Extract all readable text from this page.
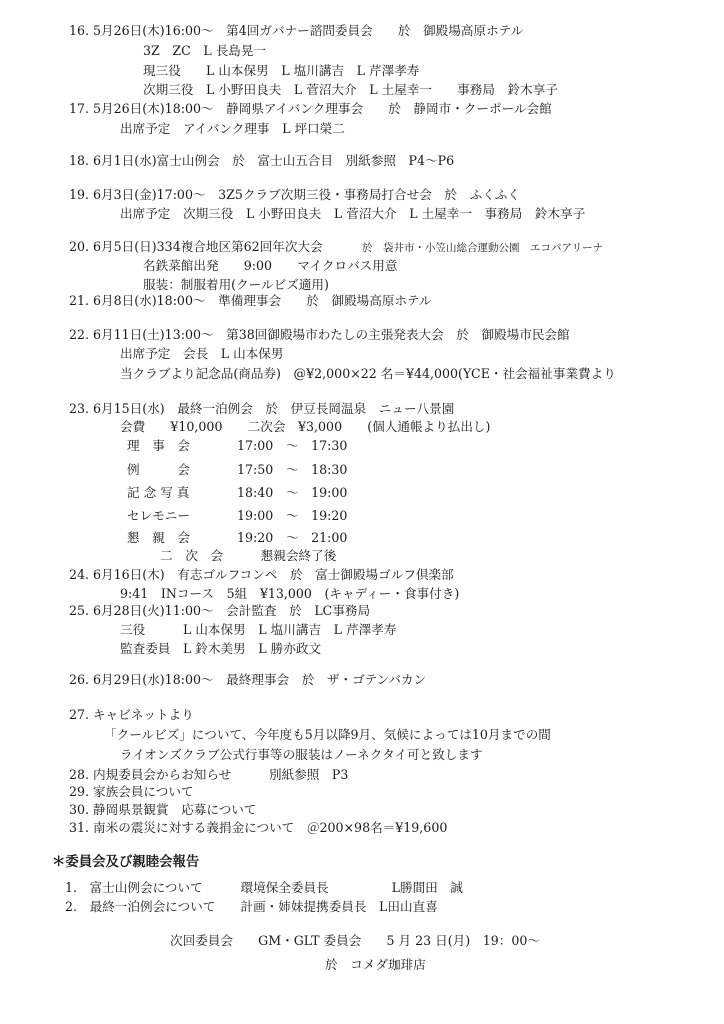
16. 5月26日(木)16:00～　第4回ガバナー諮問委員会　　於　御殿場高原ホテル
3Z　ZC　L 長島晃一
現三役　　L 山本保男　L 塩川講吉　L 芹澤孝寿
次期三役　L 小野田良夫　L 菅沼大介　L 土屋幸一　　事務局　鈴木享子
17. 5月26日(木)18:00～　静岡県アイバンク理事会　　於　静岡市・クーポール会館
出席予定　アイバンク理事　L 坪口榮二
18. 6月1日(水)富士山例会　於　富士山五合目　別紙参照　P4～P6
19. 6月3日(金)17:00～　3Z5クラブ次期三役・事務局打合せ会　於　ふくふく
出席予定　次期三役　L 小野田良夫　L 菅沼大介　L 土屋幸一　事務局　鈴木享子
20. 6月5日(日)334複合地区第62回年次大会	於　袋井市・小笠山総合運動公園　エコパアリーナ
名鉄菜館出発　　9:00　　マイクロバス用意
服装：制服着用(クールビズ適用)
21. 6月8日(水)18:00～　準備理事会　　於　御殿場高原ホテル
22. 6月11日(土)13:00～　第38回御殿場市わたしの主張発表大会　於　御殿場市民会館
出席予定　会長　L 山本保男
当クラブより記念品(商品券)　@¥2,000×22 名＝¥44,000(YCE・社会福祉事業費より
23. 6月15日(水)　最終一泊例会　於　伊豆長岡温泉　ニュー八景園
会費　　¥10,000　　二次会　¥3,000　　(個人通帳より払出し)
理　事　会	17:00　～　17:30
例　　　会	17:50　～　18:30
記 念 写 真	18:40　～　19:00
セレモニー	19:00　～　19:20
懇　親　会	19:20　～　21:00
二　次　会　　　懇親会終了後
24. 6月16日(木)　有志ゴルフコンペ　於　富士御殿場ゴルフ倶楽部
9:41　INコース　5組　¥13,000　(キャディー・食事付き)
25. 6月28日(火)11:00～　会計監査　於　LC事務局
三役　　　L 山本保男　L 塩川講吉　L 芹澤孝寿
監査委員　L 鈴木美男　L 勝亦政文
26. 6月29日(水)18:00～　最終理事会　於　ザ・ゴテンバカン
27. キャビネットより
「クールビズ」について、今年度も5月以降9月、気候によっては10月までの間
ライオンズクラブ公式行事等の服装はノーネクタイ可と致します
28. 内規委員会からお知らせ　　　別紙参照　P3
29. 家族会員について
30. 静岡県景観賞　応募について
31. 南米の震災に対する義捐金について　＠200×98名＝¥19,600
＊委員会及び親睦会報告
1.　富士山例会について　　　環境保全委員長　　　　　L勝間田　誠
2.　最終一泊例会について　　計画・姉妹提携委員長　L田山直喜
次回委員会　　GM・GLT 委員会　　5 月 23 日(月)　19：00～
於　コメダ珈琲店
